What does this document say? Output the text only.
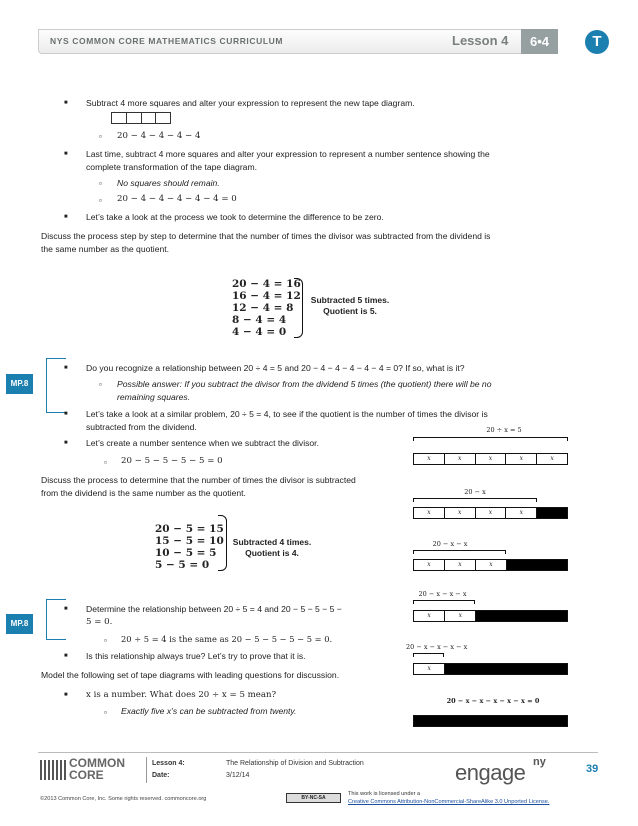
NYS COMMON CORE MATHEMATICS CURRICULUM	Lesson 4	6•4	T
■ Subtract 4 more squares and alter your expression to represent the new tape diagram.
▫ 20 − 4 − 4 − 4 − 4
■ Last time, subtract 4 more squares and alter your expression to represent a number sentence showing the
complete transformation of the tape diagram.
▫ No squares should remain.
▫ 20 − 4 − 4 − 4 − 4 − 4 = 0
■ Let’s take a look at the process we took to determine the difference to be zero.
Discuss the process step by step to determine that the number of times the divisor was subtracted from the dividend is
the same number as the quotient.
20 − 4 = 16
16 − 4 = 12
12 − 4 = 8
8 − 4 = 4
4 − 4 = 0
Subtracted 5 times.
Quotient is 5.
MP.8
■ Do you recognize a relationship between 20 ÷ 4 = 5 and 20 − 4 − 4 − 4 − 4 − 4 = 0? If so, what is it?
▫ Possible answer: If you subtract the divisor from the dividend 5 times (the quotient) there will be no
remaining squares.
■ Let’s take a look at a similar problem, 20 ÷ 5 = 4, to see if the quotient is the number of times the divisor is
subtracted from the dividend.
■ Let’s create a number sentence when we subtract the divisor.
▫ 20 − 5 − 5 − 5 − 5 = 0
Discuss the process to determine that the number of times the divisor is subtracted
from the dividend is the same number as the quotient.
20 − 5 = 15
15 − 5 = 10
10 − 5 = 5
5 − 5 = 0
Subtracted 4 times.
Quotient is 4.
MP.8
■ Determine the relationship between 20 ÷ 5 = 4 and 20 − 5 − 5 − 5 −
5 = 0.
▫ 20 ÷ 5 = 4 is the same as 20 − 5 − 5 − 5 − 5 = 0.
■ Is this relationship always true? Let’s try to prove that it is.
Model the following set of tape diagrams with leading questions for discussion.
■ x is a number. What does 20 ÷ x = 5 mean?
▫ Exactly five x’s can be subtracted from twenty.
20 ÷ x = 5
x	x	x	x	x
20 − x
x	x	x	x
20 − x − x
x	x	x
20 − x − x − x
x	x
20 − x − x − x − x
x
20 − x − x − x − x − x = 0
COMMON
CORE
Lesson 4:	The Relationship of Division and Subtraction
Date:	3/12/14	engage ny
39
©2013 Common Core, Inc. Some rights reserved. commoncore.org	BY-NC-SA
This work is licensed under a
Creative Commons Attribution-NonCommercial-ShareAlike 3.0 Unported License.
